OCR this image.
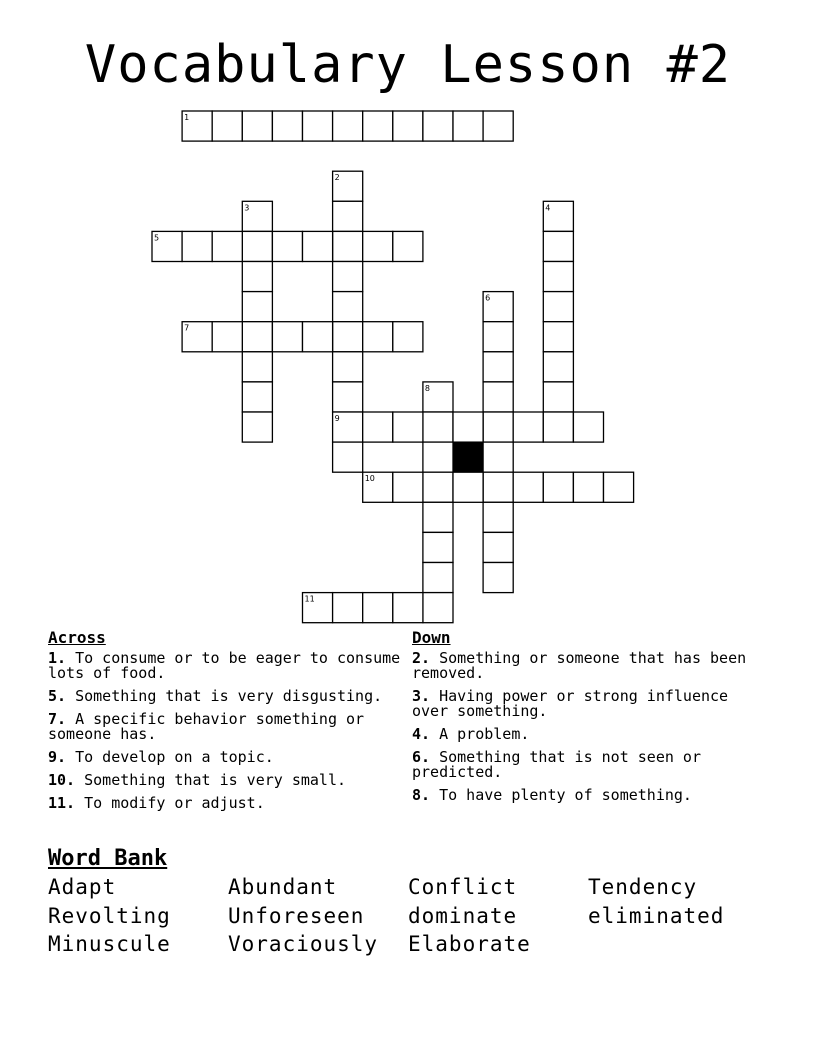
Vocabulary Lesson #2
1
2
3	4
5
6
7
8
9
10
11
Across
1. To consume or to be eager to consume lots of food.
5. Something that is very disgusting.
7. A specific behavior something or someone has.
9. To develop on a topic.
10. Something that is very small.
11. To modify or adjust.
Down
2. Something or someone that has been removed.
3. Having power or strong influence over something.
4. A problem.
6. Something that is not seen or predicted.
8. To have plenty of something.
Word Bank
Adapt	Abundant	Conflict	Tendency
Revolting	Unforeseen	dominate	eliminated
Minuscule	Voraciously	Elaborate
